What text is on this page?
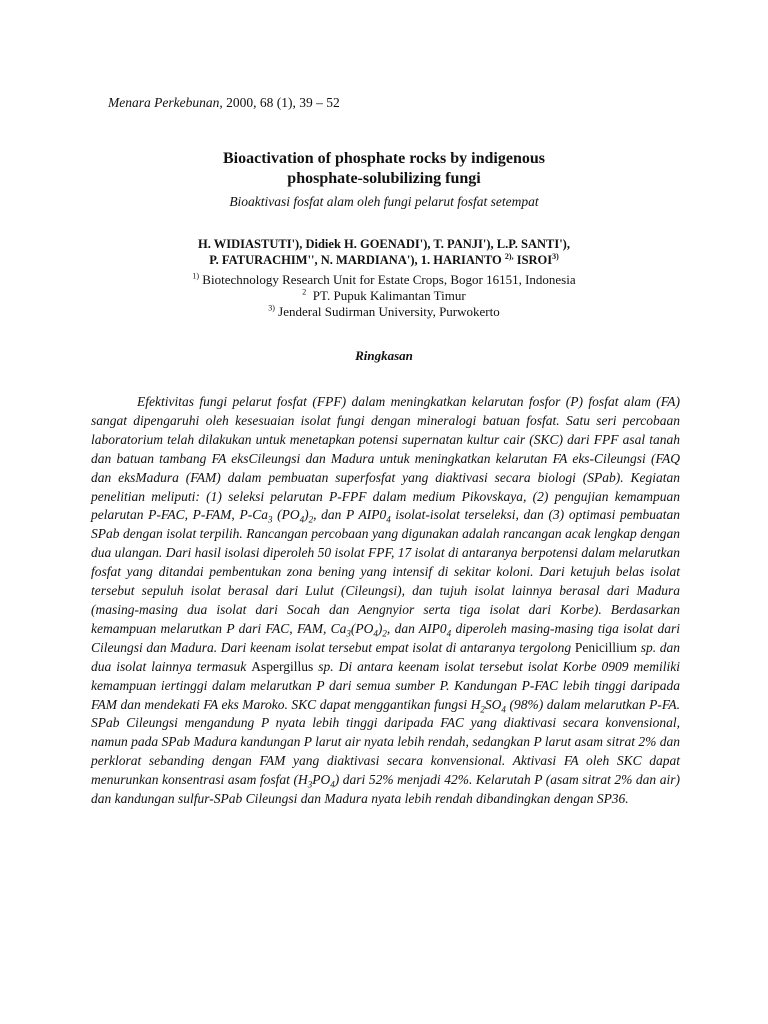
Menara Perkebunan, 2000, 68 (1), 39 – 52
Bioactivation of phosphate rocks by indigenous
phosphate-solubilizing fungi
Bioaktivasi fosfat alam oleh fungi pelarut fosfat setempat
H. WIDIASTUTI'), Didiek H. GOENADI'), T. PANJI'), L.P. SANTI'),
P. FATURACHIM'', N. MARDIANA'), 1. HARIANTO $^{2),}$ ISROI$^{3)}$
$^{1)}$ Biotechnology Research Unit for Estate Crops, Bogor 16151, Indonesia
$^2$ PT. Pupuk Kalimantan Timur
$^{3)}$ Jenderal Sudirman University, Purwokerto
Ringkasan
Efektivitas fungi pelarut fosfat (FPF) dalam meningkatkan kelarutan fosfor (P) fosfat alam (FA) sangat dipengaruhi oleh kesesuaian isolat fungi dengan mineralogi batuan fosfat. Satu seri percobaan laboratorium telah dilakukan untuk menetapkan potensi supernatan kultur cair (SKC) dari FPF asal tanah dan batuan tambang FA eksCileungsi dan Madura untuk meningkatkan kelarutan FA eks-Cileungsi (FAQ dan eksMadura (FAM) dalam pembuatan superfosfat yang diaktivasi secara biologi (SPab). Kegiatan penelitian meliputi: (1) seleksi pelarutan P-FPF dalam medium Pikovskaya, (2) pengujian kemampuan pelarutan P-FAC, P-FAM, $P-Ca_3$ $(PO_4)_2$, dan P $AIP0_4$ isolat-isolat terseleksi, dan (3) optimasi pembuatan SPab dengan isolat terpilih. Rancangan percobaan yang digunakan adalah rancangan acak lengkap dengan dua ulangan. Dari hasil isolasi diperoleh 50 isolat FPF, 17 isolat di antaranya berpotensi dalam melarutkan fosfat yang ditandai pembentukan zona bening yang intensif di sekitar koloni. Dari ketujuh belas isolat tersebut sepuluh isolat berasal dari Lulut (Cileungsi), dan tujuh isolat lainnya berasal dari Madura (masing-masing dua isolat dari Socah dan Aengnyior serta tiga isolat dari Korbe). Berdasarkan kemampuan melarutkan P dari FAC, FAM, $Ca_3(PO_4)_2$, dan $AIP0_4$ diperoleh masing-masing tiga isolat dari Cileungsi dan Madura. Dari keenam isolat tersebut empat isolat di antaranya tergolong Penicillium sp. dan dua isolat lainnya termasuk Aspergillus sp. Di antara keenam isolat tersebut isolat Korbe 0909 memiliki kemampuan iertinggi dalam melarutkan P dari semua sumber P. Kandungan P-FAC lebih tinggi daripada FAM dan mendekati FA eks Maroko. SKC dapat menggantikan fungsi $H_2SO_4$ (98%) dalam melarutkan P-FA. SPab Cileungsi mengandung P nyata lebih tinggi daripada FAC yang diaktivasi secara konvensional, namun pada SPab Madura kandungan P larut air nyata lebih rendah, sedangkan P larut asam sitrat 2% dan perklorat sebanding dengan FAM yang diaktivasi secara konvensional. Aktivasi FA oleh SKC dapat menurunkan konsentrasi asam fosfat $(H_3PO_4)$ dari 52% menjadi 42%. Kelarutah P (asam sitrat 2% dan air) dan kandungan sulfur-SPab Cileungsi dan Madura nyata lebih rendah dibandingkan dengan SP36.
